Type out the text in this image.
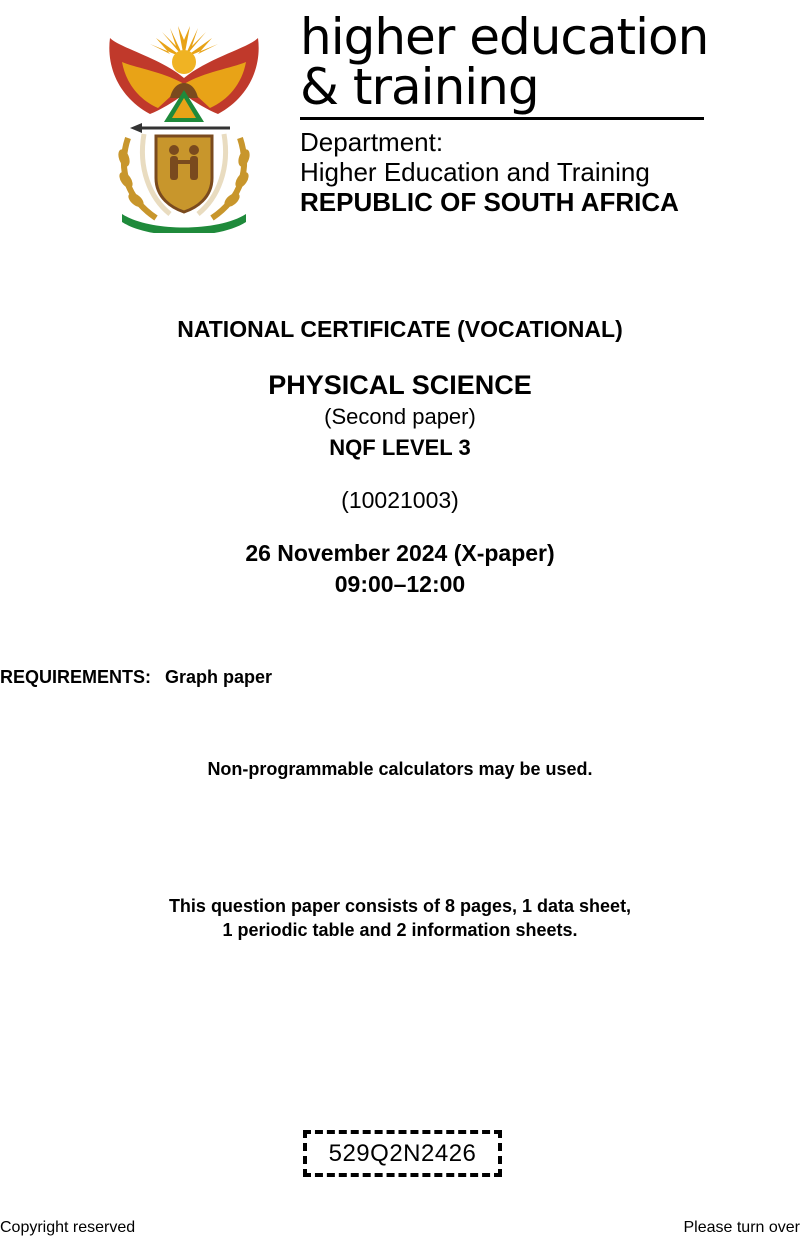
higher education
& training
Department:
Higher Education and Training
REPUBLIC OF SOUTH AFRICA
NATIONAL CERTIFICATE (VOCATIONAL)
PHYSICAL SCIENCE
(Second paper)
NQF LEVEL 3
(10021003)
26 November 2024 (X-paper)
09:00–12:00
REQUIREMENTS: Graph paper
Non-programmable calculators may be used.
This question paper consists of 8 pages, 1 data sheet,
1 periodic table and 2 information sheets.
529Q2N2426
Copyright reserved	Please turn over
